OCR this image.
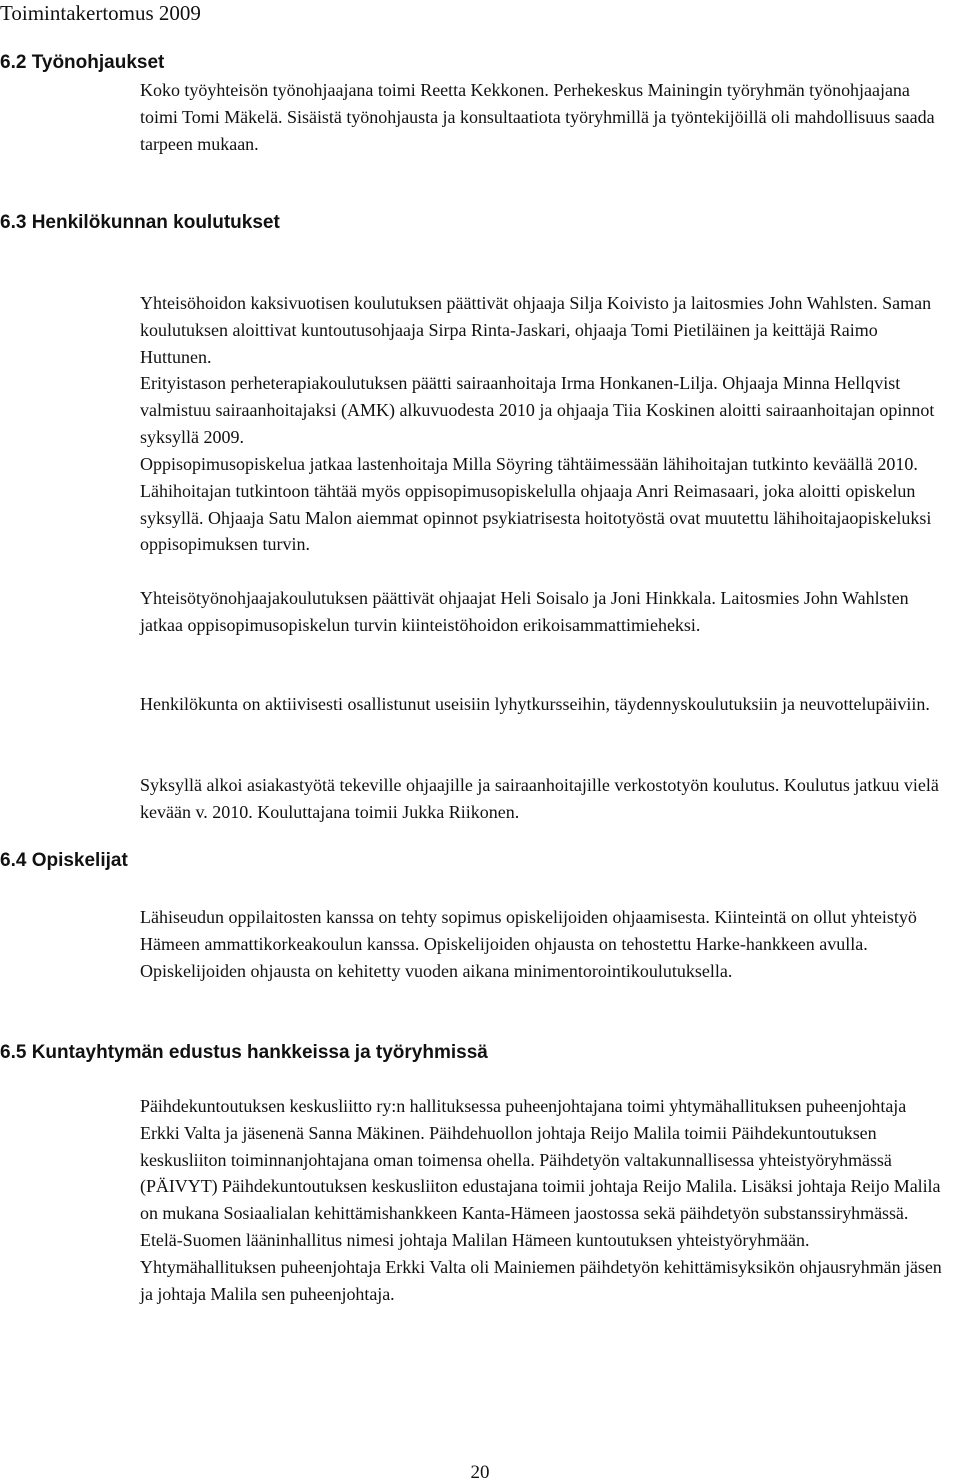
Toimintakertomus 2009
6.2 Työnohjaukset

Koko työyhteisön työnohjaajana toimi Reetta Kekkonen. Perhekeskus Mainingin työryhmän työnohjaajana toimi Tomi Mäkelä. Sisäistä työnohjausta ja konsultaatiota työryhmillä ja työntekijöillä oli mahdollisuus saada tarpeen mukaan.

6.3 Henkilökunnan koulutukset

Yhteisöhoidon kaksivuotisen koulutuksen päättivät ohjaaja Silja Koivisto ja laitosmies John Wahlsten. Saman koulutuksen aloittivat kuntoutusohjaaja Sirpa Rinta-Jaskari, ohjaaja Tomi Pietiläinen ja keittäjä Raimo Huttunen.

Erityistason perheterapiakoulutuksen päätti sairaanhoitaja Irma Honkanen-Lilja. Ohjaaja Minna Hellqvist valmistuu sairaanhoitajaksi (AMK) alkuvuodesta 2010 ja ohjaaja Tiia Koskinen aloitti sairaanhoitajan opinnot syksyllä 2009.

Oppisopimusopiskelua jatkaa lastenhoitaja Milla Söyring tähtäimessään lähihoitajan tutkinto keväällä 2010. Lähihoitajan tutkintoon tähtää myös oppisopimusopiskelulla ohjaaja Anri Reimasaari, joka aloitti opiskelun syksyllä. Ohjaaja Satu Malon aiemmat opinnot psykiatrisesta hoitotyöstä ovat muutettu lähihoitajaopiskeluksi oppisopimuksen turvin.

Yhteisötyönohjaajakoulutuksen päättivät ohjaajat Heli Soisalo ja Joni Hinkkala. Laitosmies John Wahlsten jatkaa oppisopimusopiskelun turvin kiinteistöhoidon erikoisammattimieheksi.

Henkilökunta on aktiivisesti osallistunut useisiin lyhytkursseihin, täydennyskoulutuksiin ja neuvottelupäiviin.

Syksyllä alkoi asiakastyötä tekeville ohjaajille ja sairaanhoitajille verkostotyön koulutus. Koulutus jatkuu vielä kevään v. 2010. Kouluttajana toimii Jukka Riikonen.

6.4 Opiskelijat

Lähiseudun oppilaitosten kanssa on tehty sopimus opiskelijoiden ohjaamisesta. Kiinteintä on ollut yhteistyö Hämeen ammattikorkeakoulun kanssa. Opiskelijoiden ohjausta on tehostettu Harke-hankkeen avulla. Opiskelijoiden ohjausta on kehitetty vuoden aikana minimentorointikoulutuksella.

6.5 Kuntayhtymän edustus hankkeissa ja työryhmissä

Päihdekuntoutuksen keskusliitto ry:n hallituksessa puheenjohtajana toimi yhtymähallituksen puheenjohtaja Erkki Valta ja jäsenenä Sanna Mäkinen. Päihdehuollon johtaja Reijo Malila toimii Päihdekuntoutuksen keskusliiton toiminnanjohtajana oman toimensa ohella. Päihdetyön valtakunnallisessa yhteistyöryhmässä (PÄIVYT) Päihdekuntoutuksen keskusliiton edustajana toimii johtaja Reijo Malila. Lisäksi johtaja Reijo Malila on mukana Sosiaalialan kehittämishankkeen Kanta-Hämeen jaostossa sekä päihdetyön substanssiryhmässä. Etelä-Suomen lääninhallitus nimesi johtaja Malilan Hämeen kuntoutuksen yhteistyöryhmään. Yhtymähallituksen puheenjohtaja Erkki Valta oli Mainiemen päihdetyön kehittämisyksikön ohjausryhmän jäsen ja johtaja Malila sen puheenjohtaja.

20
